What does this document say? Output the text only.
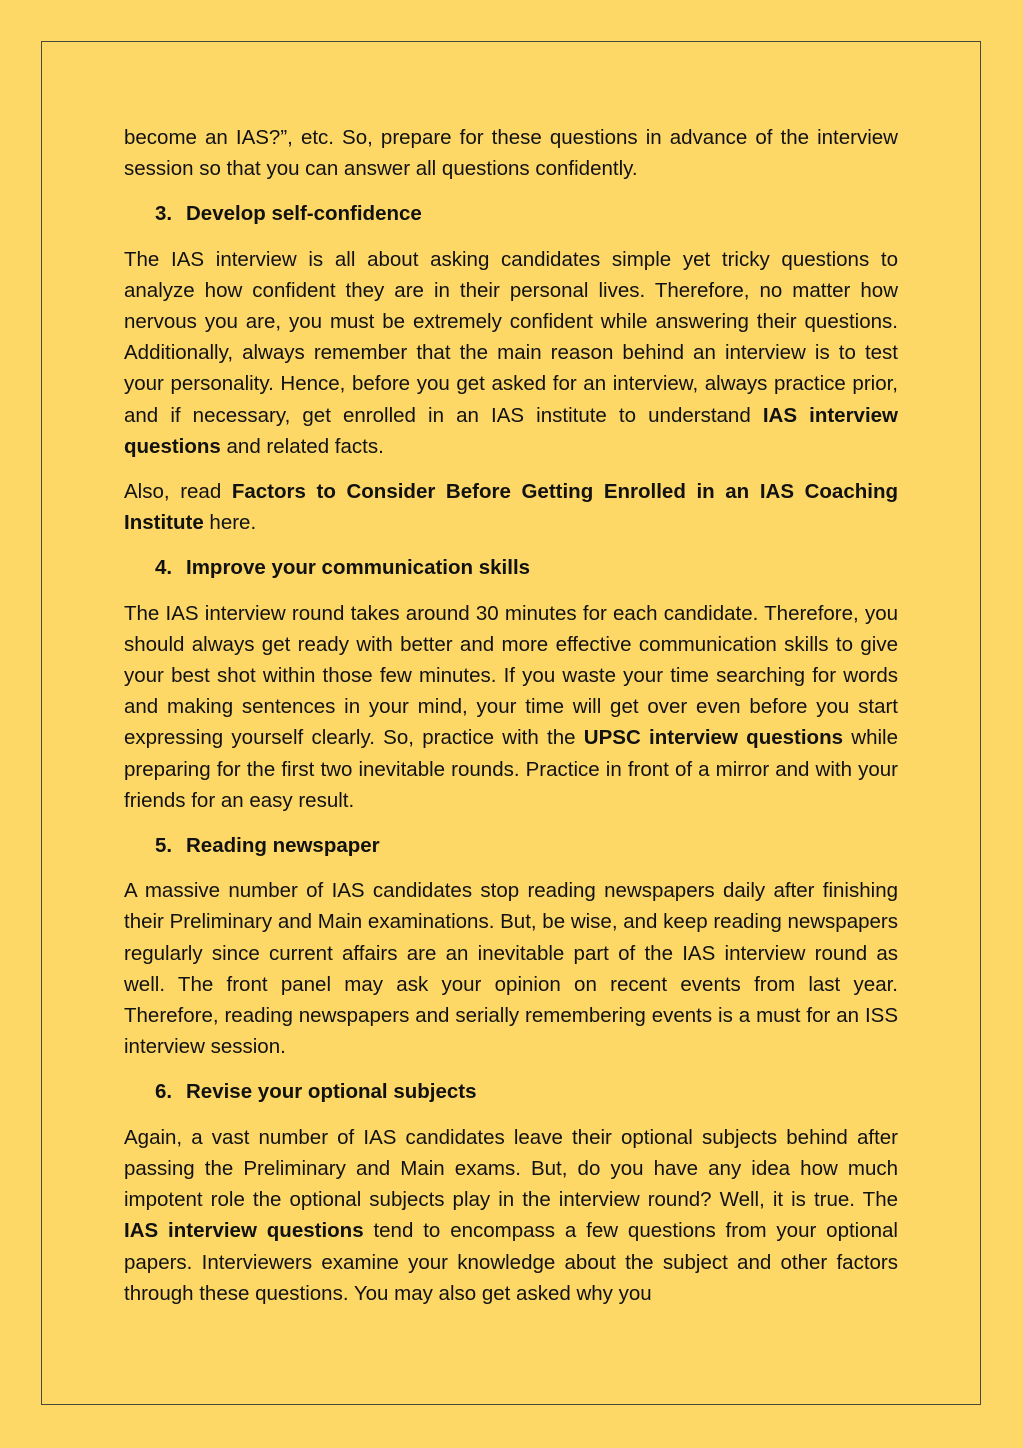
become an IAS?”, etc. So, prepare for these questions in advance of the interview session so that you can answer all questions confidently.

3. Develop self-confidence

The IAS interview is all about asking candidates simple yet tricky questions to analyze how confident they are in their personal lives. Therefore, no matter how nervous you are, you must be extremely confident while answering their questions. Additionally, always remember that the main reason behind an interview is to test your personality. Hence, before you get asked for an interview, always practice prior, and if necessary, get enrolled in an IAS institute to understand IAS interview questions and related facts.

Also, read Factors to Consider Before Getting Enrolled in an IAS Coaching Institute here.

4. Improve your communication skills

The IAS interview round takes around 30 minutes for each candidate. Therefore, you should always get ready with better and more effective communication skills to give your best shot within those few minutes. If you waste your time searching for words and making sentences in your mind, your time will get over even before you start expressing yourself clearly. So, practice with the UPSC interview questions while preparing for the first two inevitable rounds. Practice in front of a mirror and with your friends for an easy result.

5. Reading newspaper

A massive number of IAS candidates stop reading newspapers daily after finishing their Preliminary and Main examinations. But, be wise, and keep reading newspapers regularly since current affairs are an inevitable part of the IAS interview round as well. The front panel may ask your opinion on recent events from last year. Therefore, reading newspapers and serially remembering events is a must for an ISS interview session.

6. Revise your optional subjects

Again, a vast number of IAS candidates leave their optional subjects behind after passing the Preliminary and Main exams. But, do you have any idea how much impotent role the optional subjects play in the interview round? Well, it is true. The IAS interview questions tend to encompass a few questions from your optional papers. Interviewers examine your knowledge about the subject and other factors through these questions. You may also get asked why you
